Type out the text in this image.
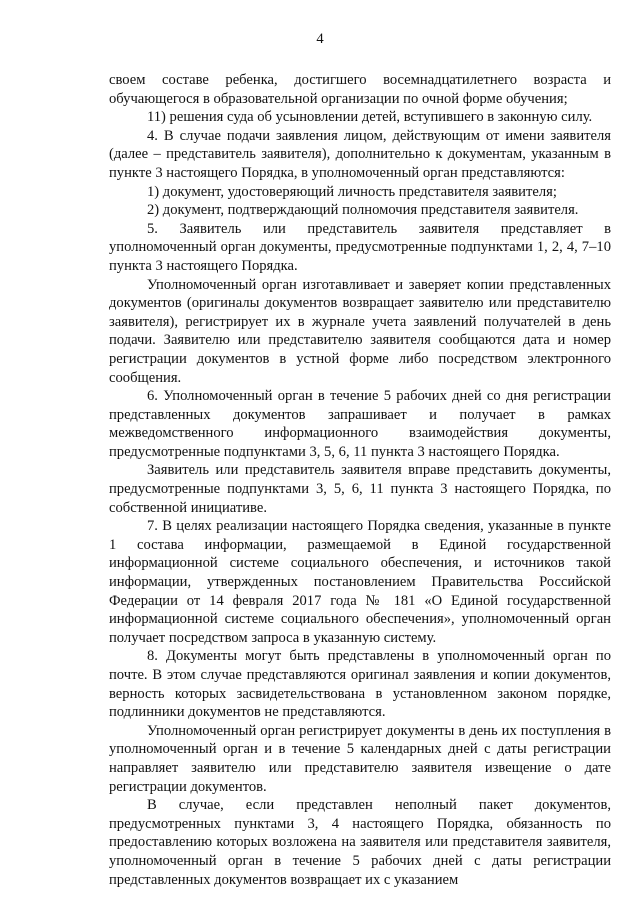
4

своем составе ребенка, достигшего восемнадцатилетнего возраста и обучающегося в образовательной организации по очной форме обучения;

11) решения суда об усыновлении детей, вступившего в законную силу.

4. В случае подачи заявления лицом, действующим от имени заявителя (далее – представитель заявителя), дополнительно к документам, указанным в пункте 3 настоящего Порядка, в уполномоченный орган представляются:

1) документ, удостоверяющий личность представителя заявителя;

2) документ, подтверждающий полномочия представителя заявителя.

5. Заявитель или представитель заявителя представляет в уполномоченный орган документы, предусмотренные подпунктами 1, 2, 4, 7–10 пункта 3 настоящего Порядка.

Уполномоченный орган изготавливает и заверяет копии представленных документов (оригиналы документов возвращает заявителю или представителю заявителя), регистрирует их в журнале учета заявлений получателей в день подачи. Заявителю или представителю заявителя сообщаются дата и номер регистрации документов в устной форме либо посредством электронного сообщения.

6. Уполномоченный орган в течение 5 рабочих дней со дня регистрации представленных документов запрашивает и получает в рамках межведомственного информационного взаимодействия документы, предусмотренные подпунктами 3, 5, 6, 11 пункта 3 настоящего Порядка.

Заявитель или представитель заявителя вправе представить документы, предусмотренные подпунктами 3, 5, 6, 11 пункта 3 настоящего Порядка, по собственной инициативе.

7. В целях реализации настоящего Порядка сведения, указанные в пункте 1 состава информации, размещаемой в Единой государственной информационной системе социального обеспечения, и источников такой информации, утвержденных постановлением Правительства Российской Федерации от 14 февраля 2017 года № 181 «О Единой государственной информационной системе социального обеспечения», уполномоченный орган получает посредством запроса в указанную систему.

8. Документы могут быть представлены в уполномоченный орган по почте. В этом случае представляются оригинал заявления и копии документов, верность которых засвидетельствована в установленном законом порядке, подлинники документов не представляются.

Уполномоченный орган регистрирует документы в день их поступления в уполномоченный орган и в течение 5 календарных дней с даты регистрации направляет заявителю или представителю заявителя извещение о дате регистрации документов.

В случае, если представлен неполный пакет документов, предусмотренных пунктами 3, 4 настоящего Порядка, обязанность по предоставлению которых возложена на заявителя или представителя заявителя, уполномоченный орган в течение 5 рабочих дней с даты регистрации представленных документов возвращает их с указанием
